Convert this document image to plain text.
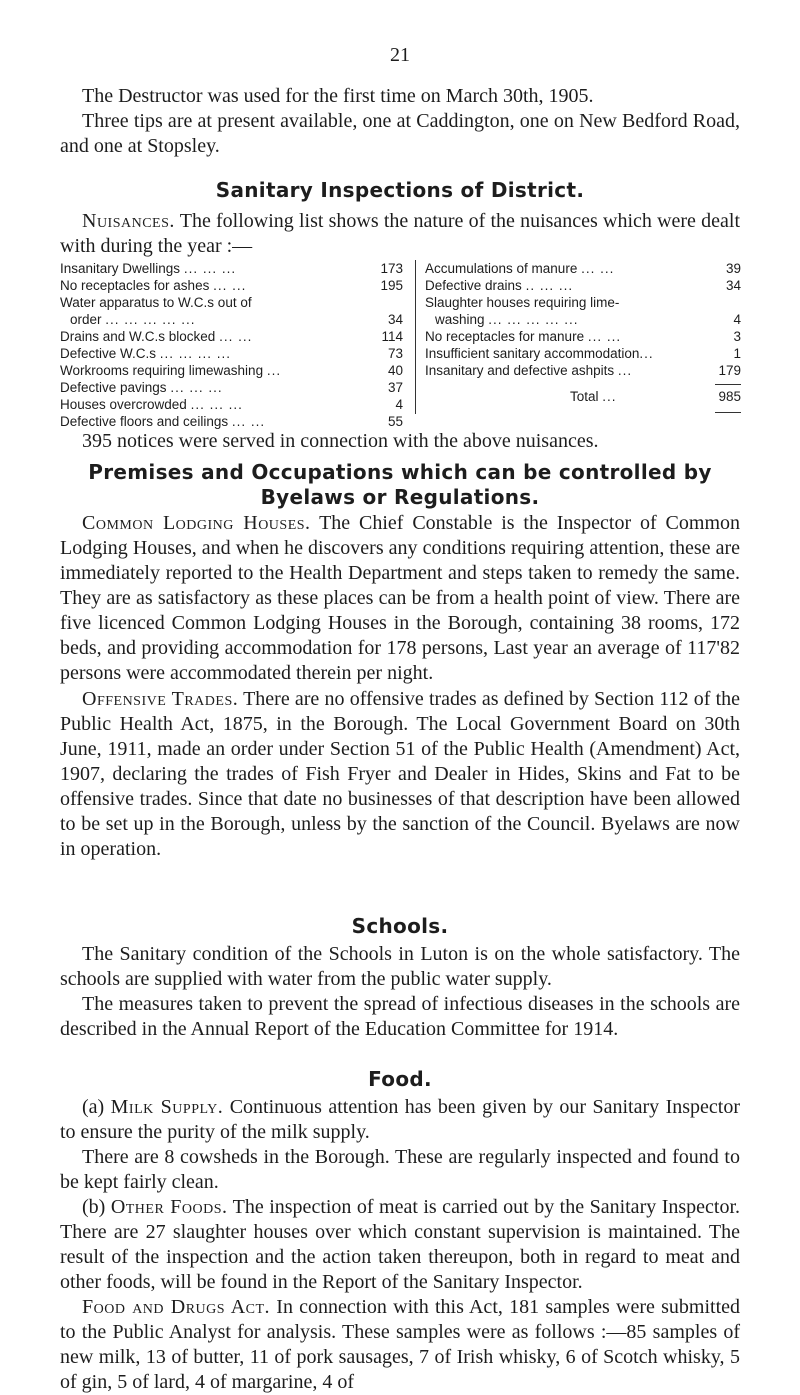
21

The Destructor was used for the first time on March 30th, 1905.

Three tips are at present available, one at Caddington, one on New Bedford Road, and one at Stopsley.

Sanitary Inspections of District.

Nuisances. The following list shows the nature of the nuisances which were dealt with during the year :—

Insanitary Dwellings ... ... ...	173
No receptacles for ashes ... ...	195
Water apparatus to W.C.s out of
order ... ... ... ... ...	34
Drains and W.C.s blocked ... ...	114
Defective W.C.s ... ... ... ...	73
Workrooms requiring limewashing ...	40
Defective pavings ... ... ...	37
Houses overcrowded ... ... ...	4
Defective floors and ceilings ... ...	55
Accumulations of manure ... ...	39
Defective drains .. ... ...	34
Slaughter houses requiring lime-
washing ... ... ... ... ...	4
No receptacles for manure ... ...	3
Insufficient sanitary accommodation...	1
Insanitary and defective ashpits ...	179
Total ...	985

395 notices were served in connection with the above nuisances.

Premises and Occupations which can be controlled by
Byelaws or Regulations.

Common Lodging Houses. The Chief Constable is the Inspector of Common Lodging Houses, and when he discovers any conditions requiring attention, these are immediately reported to the Health Department and steps taken to remedy the same. They are as satisfactory as these places can be from a health point of view. There are five licenced Common Lodging Houses in the Borough, containing 38 rooms, 172 beds, and providing accommodation for 178 persons, Last year an average of 117'82 persons were accommodated therein per night.

Offensive Trades. There are no offensive trades as defined by Section 112 of the Public Health Act, 1875, in the Borough. The Local Government Board on 30th June, 1911, made an order under Section 51 of the Public Health (Amendment) Act, 1907, declaring the trades of Fish Fryer and Dealer in Hides, Skins and Fat to be offensive trades. Since that date no businesses of that description have been allowed to be set up in the Borough, unless by the sanction of the Council. Byelaws are now in operation.

Schools.

The Sanitary condition of the Schools in Luton is on the whole satisfactory. The schools are supplied with water from the public water supply.

The measures taken to prevent the spread of infectious diseases in the schools are described in the Annual Report of the Education Committee for 1914.

Food.

(a) Milk Supply. Continuous attention has been given by our Sanitary Inspector to ensure the purity of the milk supply.

There are 8 cowsheds in the Borough. These are regularly inspected and found to be kept fairly clean.

(b) Other Foods. The inspection of meat is carried out by the Sanitary Inspector. There are 27 slaughter houses over which constant supervision is maintained. The result of the inspection and the action taken thereupon, both in regard to meat and other foods, will be found in the Report of the Sanitary Inspector.

Food and Drugs Act. In connection with this Act, 181 samples were submitted to the Public Analyst for analysis. These samples were as follows :—85 samples of new milk, 13 of butter, 11 of pork sausages, 7 of Irish whisky, 6 of Scotch whisky, 5 of gin, 5 of lard, 4 of margarine, 4 of
